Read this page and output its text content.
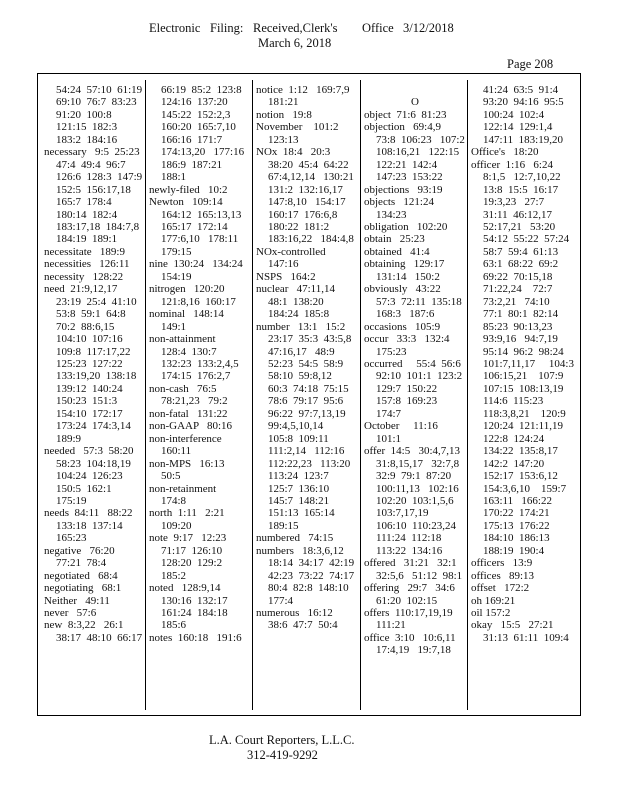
Electronic Filing: Received,Clerk's Office 3/12/2018
March 6, 2018
Page 208
54:24  57:10  61:19
69:10  76:7  83:23
91:20  100:8
121:15  182:3
183:2  184:16
necessary   9:5  25:23
47:4  49:4  96:7
126:6  128:3  147:9
152:5  156:17,18
165:7  178:4
180:14  182:4
183:17,18  184:7,8
184:19  189:1
necessitate   189:9
necessities   126:11
necessity   128:22
need  21:9,12,17
23:19  25:4  41:10
53:8  59:1  64:8
70:2  88:6,15
104:10  107:16
109:8  117:17,22
125:23  127:22
133:19,20  138:18
139:12  140:24
150:23  151:3
154:10  172:17
173:24  174:3,14
189:9
needed   57:3  58:20
58:23  104:18,19
104:24  126:23
150:5  162:1
175:19
needs  84:11   88:22
133:18  137:14
165:23
negative   76:20
77:21  78:4
negotiated   68:4
negotiating   68:1
Neither   49:11
never   57:6
new  8:3,22   26:1
38:17  48:10  66:17
66:19  85:2  123:8
124:16  137:20
145:22  152:2,3
160:20  165:7,10
166:16  171:7
174:13,20   177:16
186:9  187:21
188:1
newly-filed   10:2
Newton   109:14
164:12  165:13,13
165:17  172:14
177:6,10   178:11
179:15
nine  130:24   134:24
154:19
nitrogen   120:20
121:8,16  160:17
nominal   148:14
149:1
non-attainment
128:4  130:7
132:23  133:2,4,5
174:15  176:2,7
non-cash   76:5
78:21,23   79:2
non-fatal   131:22
non-GAAP   80:16
non-interference
160:11
non-MPS   16:13
50:5
non-retainment
174:8
north  1:11   2:21
109:20
note  9:17   12:23
71:17  126:10
128:20  129:2
185:2
noted   128:9,14
130:16  132:17
161:24  184:18
185:6
notes  160:18   191:6
notice  1:12   169:7,9
181:21
notion   19:8
November    101:2
123:13
NOx  18:4   20:3
38:20  45:4  64:22
67:4,12,14   130:21
131:2  132:16,17
147:8,10   154:17
160:17  176:6,8
180:22  181:2
183:16,22   184:4,8
NOx-controlled
147:16
NSPS   164:2
nuclear   47:11,14
48:1  138:20
184:24  185:8
number   13:1   15:2
23:17  35:3  43:5,8
47:16,17   48:9
52:23  54:5  58:9
58:10  59:8,12
60:3  74:18  75:15
78:6  79:17  95:6
96:22  97:7,13,19
99:4,5,10,14
105:8  109:11
111:2,14   112:16
112:22,23   113:20
113:24  123:7
125:7  136:10
145:7  148:21
151:13  165:14
189:15
numbered   74:15
numbers   18:3,6,12
18:14  34:17  42:19
42:23  73:22  74:17
80:4  82:8  148:10
177:4
numerous   16:12
38:6  47:7  50:4

O
object  71:6  81:23
objection   69:4,9
73:8  106:23   107:2
108:16,21   122:15
122:21  142:4
147:23  153:22
objections   93:19
objects   121:24
134:23
obligation   102:20
obtain   25:23
obtained   41:4
obtaining   129:17
131:14   150:2
obviously   43:22
57:3  72:11  135:18
168:3   187:6
occasions   105:9
occur   33:3   132:4
175:23
occurred     55:4  56:6
92:10  101:1  123:2
129:7  150:22
157:8  169:23
174:7
October     11:16
101:1
offer  14:5   30:4,7,13
31:8,15,17   32:7,8
32:9  79:1  87:20
100:11,13   102:16
102:20  103:1,5,6
103:7,17,19
106:10  110:23,24
111:24  112:18
113:22  134:16
offered   31:21   32:1
32:5,6   51:12  98:1
offering   29:7   34:6
61:20  102:15
offers  110:17,19,19
111:21
office  3:10   10:6,11
17:4,19   19:7,18
41:24  63:5  91:4
93:20  94:16  95:5
100:24  102:4
122:14  129:1,4
147:11  183:19,20
Office's   18:20
officer  1:16   6:24
8:1,5   12:7,10,22
13:8  15:5  16:17
19:3,23   27:7
31:11  46:12,17
52:17,21   53:20
54:12  55:22  57:24
58:7  59:4  61:13
63:1  68:22  69:2
69:22  70:15,18
71:22,24    72:7
73:2,21   74:10
77:1  80:1  82:14
85:23  90:13,23
93:9,16   94:7,19
95:14  96:2  98:24
101:7,11,17     104:3
106:15,21    107:9
107:15  108:13,19
114:6  115:23
118:3,8,21    120:9
120:24  121:11,19
122:8  124:24
134:22  135:8,17
142:2  147:20
152:17  153:6,12
154:3,6,10    159:7
163:11   166:22
170:22  174:21
175:13  176:22
184:10  186:13
188:19  190:4
officers   13:9
offices   89:13
offset   172:2
oh 169:21
oil 157:2
okay   15:5   27:21
31:13  61:11  109:4
L.A. Court Reporters, L.L.C.
312-419-9292
